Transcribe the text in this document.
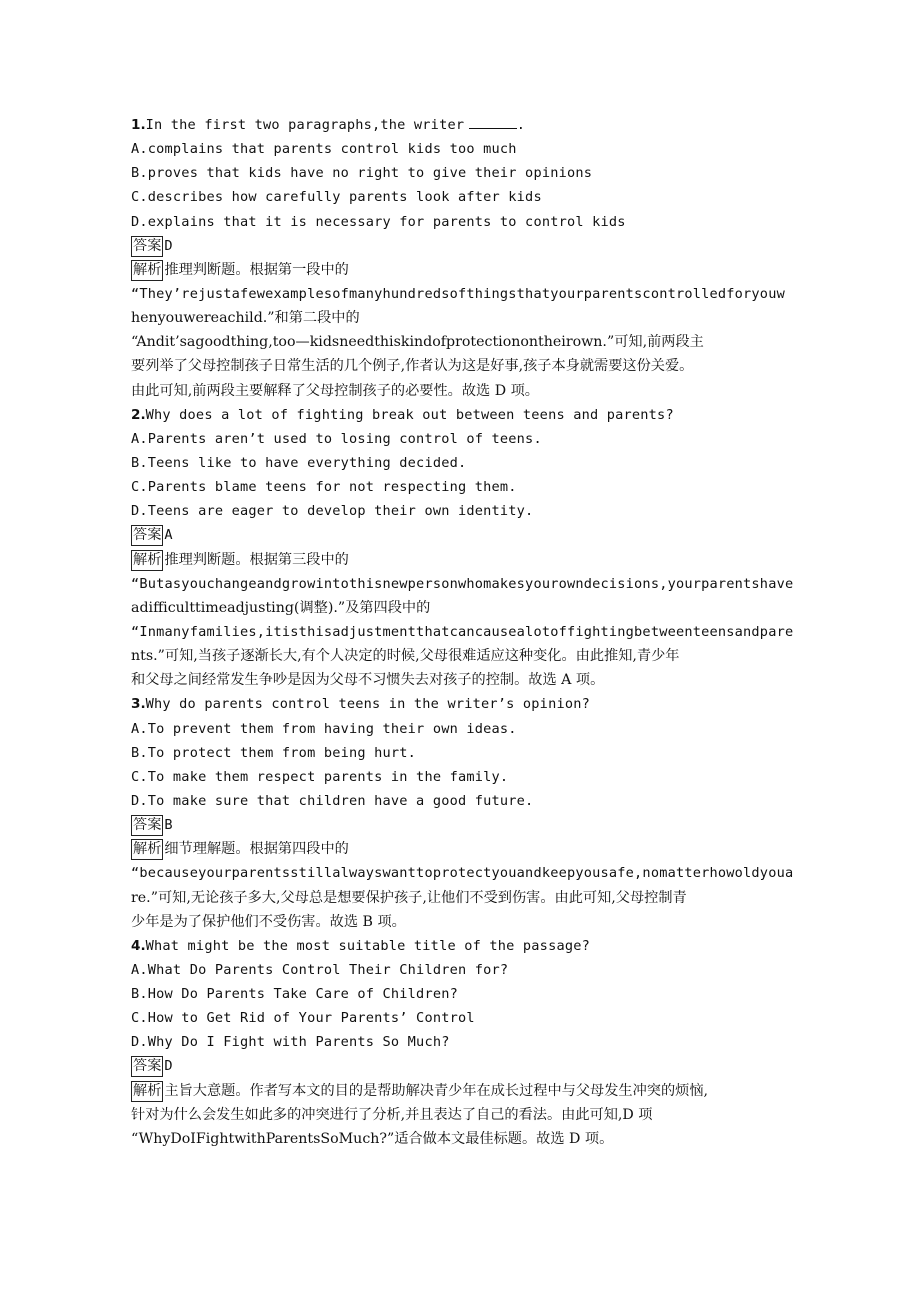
1.In the first two paragraphs,the writer	.
A.complains that parents control kids too much
B.proves that kids have no right to give their opinions
C.describes how carefully parents look after kids
D.explains that it is necessary for parents to control kids
答案 D
解析 推理判断题。根据第一段中的
“They’rejustafewexamplesofmanyhundredsofthingsthatyourparentscontrolledforyouw
henyouwereachild.”和第二段中的
“Andit’sagoodthing,too—kidsneedthiskindofprotectionontheirown.”可知,前两段主
要列举了父母控制孩子日常生活的几个例子,作者认为这是好事,孩子本身就需要这份关爱。
由此可知,前两段主要解释了父母控制孩子的必要性。故选 D 项。
2.Why does a lot of fighting break out between teens and parents?
A.Parents aren’t used to losing control of teens.
B.Teens like to have everything decided.
C.Parents blame teens for not respecting them.
D.Teens are eager to develop their own identity.
答案 A
解析 推理判断题。根据第三段中的
“Butasyouchangeandgrowintothisnewpersonwhomakesyourowndecisions,yourparentshave
adifficulttimeadjusting(调整).”及第四段中的
“Inmanyfamilies,itisthisadjustmentthatcancausealotoffightingbetweenteensandpare
nts.”可知,当孩子逐渐长大,有个人决定的时候,父母很难适应这种变化。由此推知,青少年
和父母之间经常发生争吵是因为父母不习惯失去对孩子的控制。故选 A 项。
3.Why do parents control teens in the writer’s opinion?
A.To prevent them from having their own ideas.
B.To protect them from being hurt.
C.To make them respect parents in the family.
D.To make sure that children have a good future.
答案 B
解析 细节理解题。根据第四段中的
“becauseyourparentsstillalwayswanttoprotectyouandkeepyousafe,nomatterhowoldyoua
re.”可知,无论孩子多大,父母总是想要保护孩子,让他们不受到伤害。由此可知,父母控制青
少年是为了保护他们不受伤害。故选 B 项。
4.What might be the most suitable title of the passage?
A.What Do Parents Control Their Children for?
B.How Do Parents Take Care of Children?
C.How to Get Rid of Your Parents’ Control
D.Why Do I Fight with Parents So Much?
答案 D
解析 主旨大意题。作者写本文的目的是帮助解决青少年在成长过程中与父母发生冲突的烦恼,
针对为什么会发生如此多的冲突进行了分析,并且表达了自己的看法。由此可知,D 项
“WhyDoIFightwithParentsSoMuch?”适合做本文最佳标题。故选 D 项。
